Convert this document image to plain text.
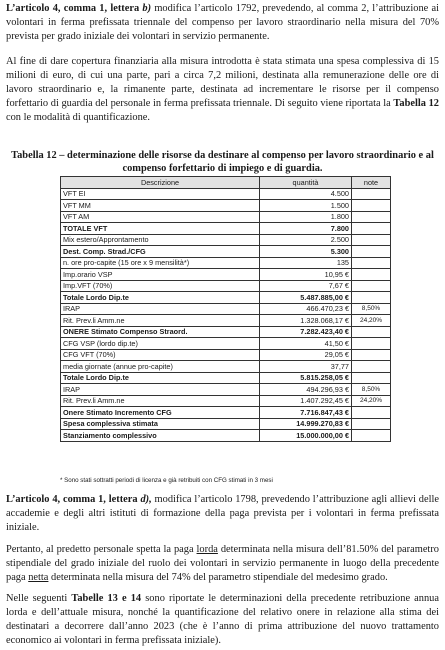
L’articolo 4, comma 1, lettera b) modifica l’articolo 1792, prevedendo, al comma 2, l’attribuzione ai volontari in ferma prefissata triennale del compenso per lavoro straordinario nella misura del 70% prevista per grado iniziale dei volontari in servizio permanente.

Al fine di dare copertura finanziaria alla misura introdotta è stata stimata una spesa complessiva di 15 milioni di euro, di cui una parte, pari a circa 7,2 milioni, destinata alla remunerazione delle ore di lavoro straordinario e, la rimanente parte, destinata ad incrementare le risorse per il compenso forfettario di guardia del personale in ferma prefissata triennale. Di seguito viene riportata la Tabella 12 con le modalità di quantificazione.

Tabella 12 – determinazione delle risorse da destinare al compenso per lavoro straordinario e al compenso forfettario di impiego e di guardia.

Descrizione	quantità	note
VFT EI	4.500	
VFT MM	1.500	
VFT AM	1.800	
TOTALE VFT	7.800	
Mix estero/Approntamento	2.500	
Dest. Comp. Strad./CFG	5.300	
n. ore pro-capite (15 ore x 9 mensilità*)	135	
Imp.orario VSP	10,95 €	
Imp.VFT (70%)	7,67 €	
Totale Lordo Dip.te	5.487.885,00 €	
IRAP	466.470,23 €	8,50%
Rit. Prev.li Amm.ne	1.328.068,17 €	24,20%
ONERE Stimato Compenso Straord.	7.282.423,40 €	
CFG VSP (lordo dip.te)	41,50 €	
CFG VFT (70%)	29,05 €	
media giornate (annue pro-capite)	37,77	
Totale Lordo Dip.te	5.815.258,05 €	
IRAP	494.296,93 €	8,50%
Rit. Prev.li Amm.ne	1.407.292,45 €	24,20%
Onere Stimato Incremento CFG	7.716.847,43 €	
Spesa complessiva stimata	14.999.270,83 €	
Stanziamento complessivo	15.000.000,00 €	

* Sono stati sottratti periodi di licenza e già retribuiti con CFG stimati in 3 mesi

L’articolo 4, comma 1, lettera d), modifica l’articolo 1798, prevedendo l’attribuzione agli allievi delle accademie e degli altri istituti di formazione della paga prevista per i volontari in ferma prefissata iniziale.

Pertanto, al predetto personale spetta la paga lorda determinata nella misura dell’81.50% del parametro stipendiale del grado iniziale del ruolo dei volontari in servizio permanente in luogo della precedente paga netta determinata nella misura del 74% del parametro stipendiale del medesimo grado.

Nelle seguenti Tabelle 13 e 14 sono riportate le determinazioni della precedente retribuzione annua lorda e dell’attuale misura, nonché la quantificazione del relativo onere in relazione alla stima dei destinatari a decorrere dall’anno 2023 (che è l’anno di prima attribuzione del nuovo trattamento economico ai volontari in ferma prefissata iniziale).
